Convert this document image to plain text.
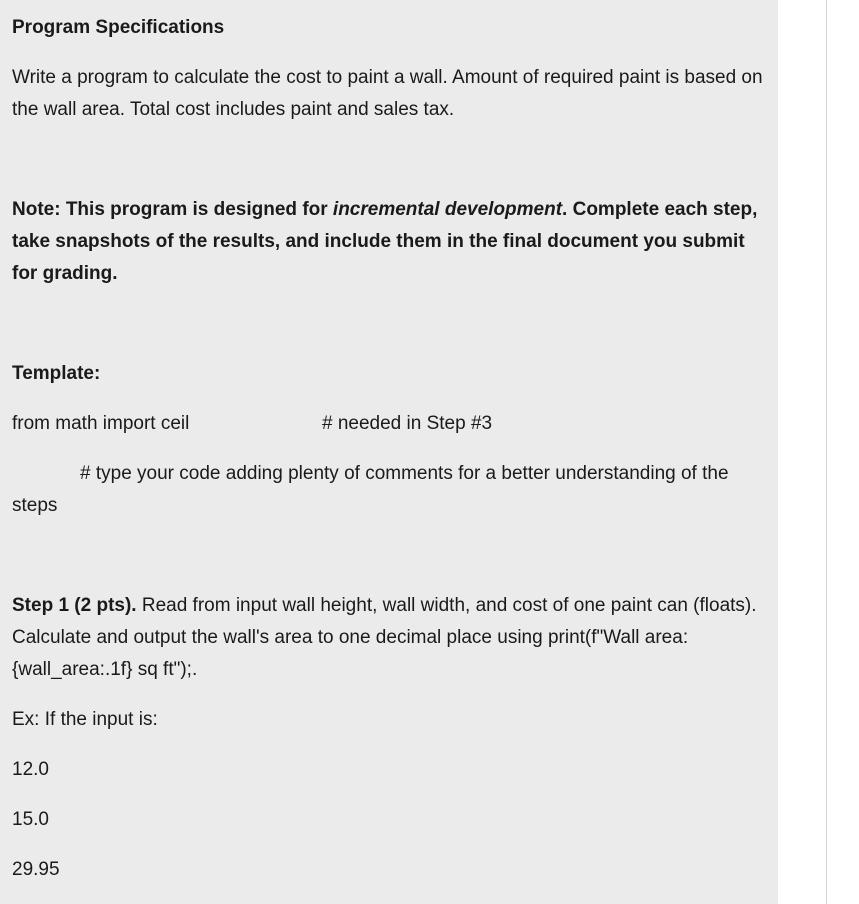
Program Specifications

Write a program to calculate the cost to paint a wall. Amount of required paint is based on the wall area. Total cost includes paint and sales tax.

Note: This program is designed for incremental development. Complete each step, take snapshots of the results, and include them in the final document you submit for grading.

Template:

from math import ceil	# needed in Step #3

# type your code adding plenty of comments for a better understanding of the steps

Step 1 (2 pts). Read from input wall height, wall width, and cost of one paint can (floats). Calculate and output the wall's area to one decimal place using print(f"Wall area: {wall_area:.1f} sq ft");.

Ex: If the input is:

12.0

15.0

29.95
